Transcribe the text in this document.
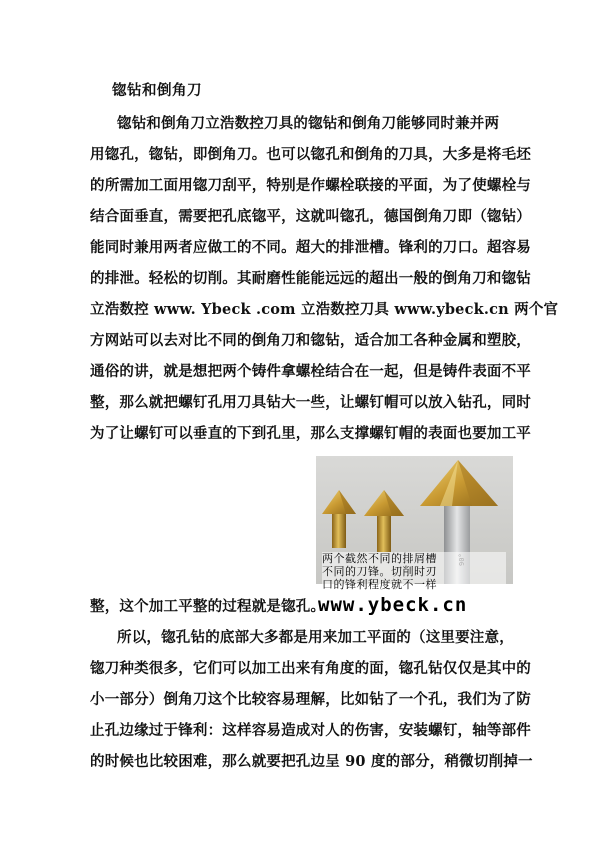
锪钻和倒角刀
锪钻和倒角刀立浩数控刀具的锪钻和倒角刀能够同时兼并两
用锪孔，锪钻，即倒角刀。也可以锪孔和倒角的刀具，大多是将毛坯
的所需加工面用锪刀刮平，特别是作螺栓联接的平面，为了使螺栓与
结合面垂直，需要把孔底锪平，这就叫锪孔，德国倒角刀即（锪钻）
能同时兼用两者应做工的不同。超大的排泄槽。锋利的刀口。超容易
的排泄。轻松的切削。其耐磨性能能远远的超出一般的倒角刀和锪钻
立浩数控 www. Ybeck .com 立浩数控刀具 www.ybeck.cn 两个官
方网站可以去对比不同的倒角刀和锪钻，适合加工各种金属和塑胶，
通俗的讲，就是想把两个铸件拿螺栓结合在一起，但是铸件表面不平
整，那么就把螺钉孔用刀具钻大一些，让螺钉帽可以放入钻孔，同时
为了让螺钉可以垂直的下到孔里，那么支撑螺钉帽的表面也要加工平
整，这个加工平整的过程就是锪孔。
所以，锪孔钻的底部大多都是用来加工平面的（这里要注意，
锪刀种类很多，它们可以加工出来有角度的面，锪孔钻仅仅是其中的
小一部分）倒角刀这个比较容易理解，比如钻了一个孔，我们为了防
止孔边缘过于锋利：这样容易造成对人的伤害，安装螺钉，轴等部件
的时候也比较困难，那么就要把孔边呈 90 度的部分，稍微切削掉一
两个截然不同的排屑槽
不同的刀锋。切削时刃
口的锋利程度就不一样
www.ybeck.cn
